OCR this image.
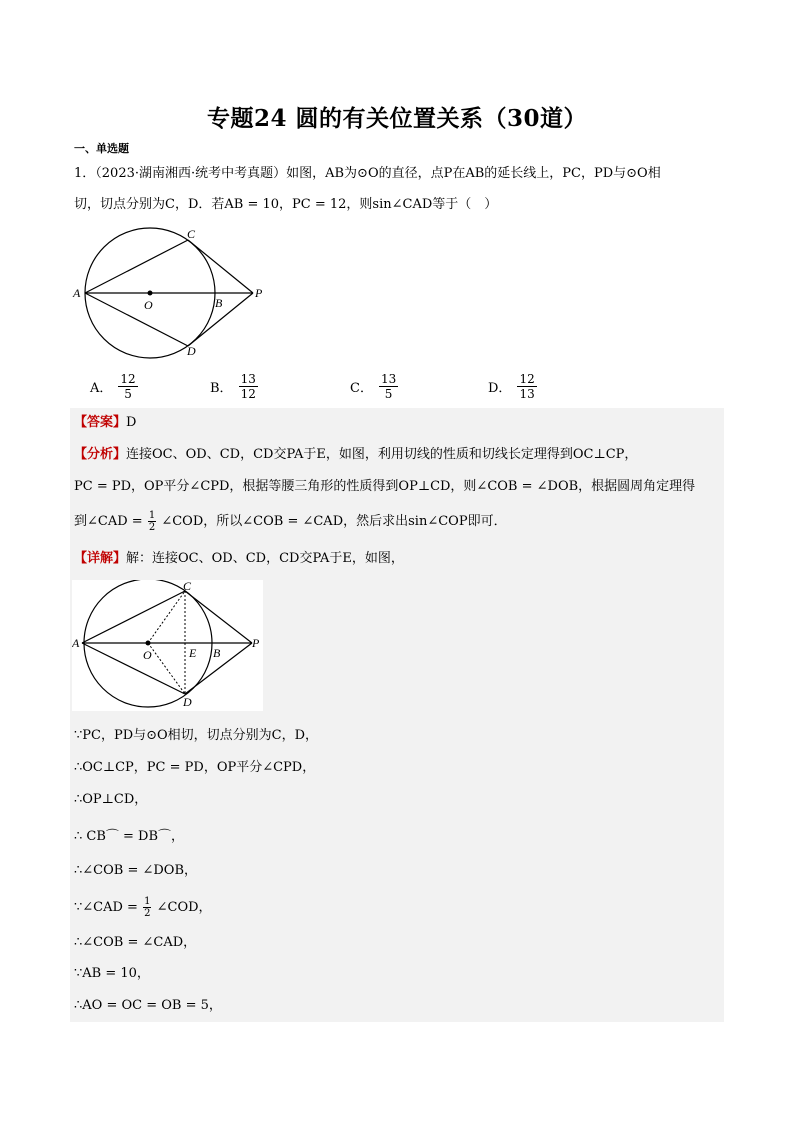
专题24 圆的有关位置关系（30道）
一、单选题
1．（2023·湖南湘西·统考中考真题）如图，AB为⊙O的直径，点P在AB的延长线上，PC，PD与⊙O相
切，切点分别为C，D．若AB = 10，PC = 12，则sin∠CAD等于（　）
A
O	B
P
C
D
A． $\frac{12}{5}$	B． $\frac{13}{12}$	C． $\frac{13}{5}$	D． $\frac{12}{13}$
【答案】D
【分析】连接OC、OD、CD，CD交PA于E，如图，利用切线的性质和切线长定理得到OC⊥CP，
PC = PD，OP平分∠CPD，根据等腰三角形的性质得到OP⊥CD，则∠COB = ∠DOB，根据圆周角定理得
到∠CAD = $\frac{1}{2}$ ∠COD，所以∠COB = ∠CAD，然后求出sin∠COP即可．
【详解】解：连接OC、OD、CD，CD交PA于E，如图，
A
O	E B
P
C
D
∵PC，PD与⊙O相切，切点分别为C，D，
∴OC⊥CP，PC = PD，OP平分∠CPD，
∴OP⊥CD，
∴ CB⌒ = DB⌒，
∴∠COB = ∠DOB，
∵∠CAD = $\frac{1}{2}$ ∠COD，
∴∠COB = ∠CAD，
∵AB = 10，
∴AO = OC = OB = 5，
